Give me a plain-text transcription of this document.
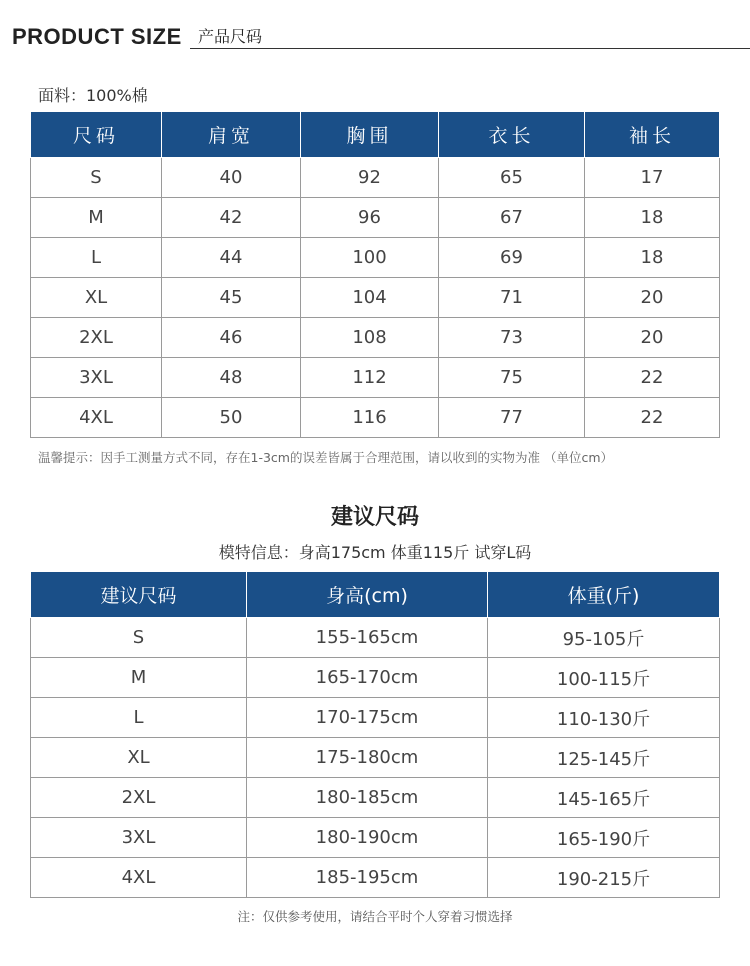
PRODUCT SIZE 产品尺码
面料：100%棉
尺码	肩宽	胸围	衣长	袖长
S	40	92	65	17
M	42	96	67	18
L	44	100	69	18
XL	45	104	71	20
2XL	46	108	73	20
3XL	48	112	75	22
4XL	50	116	77	22
温馨提示：因手工测量方式不同，存在1-3cm的误差皆属于合理范围，请以收到的实物为准 （单位cm）
建议尺码
模特信息：身高175cm 体重115斤 试穿L码
建议尺码	身高(cm)	体重(斤)
S	155-165cm	95-105斤
M	165-170cm	100-115斤
L	170-175cm	110-130斤
XL	175-180cm	125-145斤
2XL	180-185cm	145-165斤
3XL	180-190cm	165-190斤
4XL	185-195cm	190-215斤
注：仅供参考使用，请结合平时个人穿着习惯选择
